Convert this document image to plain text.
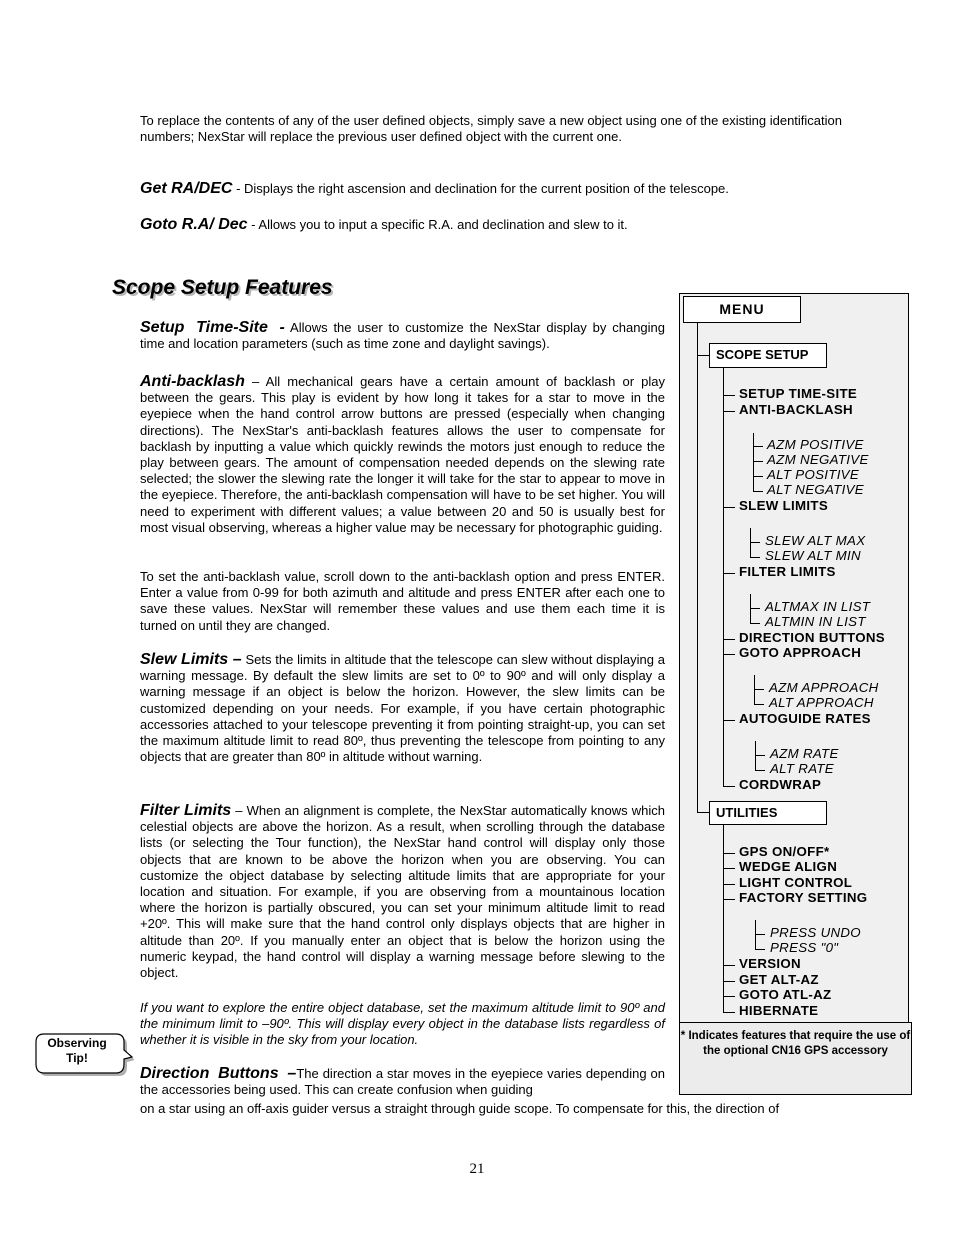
To replace the contents of any of the user defined objects, simply save a new object using one of the existing identification numbers; NexStar will replace the previous user defined object with the current one.

Get RA/DEC - Displays the right ascension and declination for the current position of the telescope.

Goto R.A/ Dec - Allows you to input a specific R.A. and declination and slew to it.

Scope Setup Features

Setup Time-Site - Allows the user to customize the NexStar display by changing time and location parameters (such as time zone and daylight savings).

Anti-backlash – All mechanical gears have a certain amount of backlash or play between the gears. This play is evident by how long it takes for a star to move in the eyepiece when the hand control arrow buttons are pressed (especially when changing directions). The NexStar's anti-backlash features allows the user to compensate for backlash by inputting a value which quickly rewinds the motors just enough to reduce the play between gears. The amount of compensation needed depends on the slewing rate selected; the slower the slewing rate the longer it will take for the star to appear to move in the eyepiece. Therefore, the anti-backlash compensation will have to be set higher. You will need to experiment with different values; a value between 20 and 50 is usually best for most visual observing, whereas a higher value may be necessary for photographic guiding.

To set the anti-backlash value, scroll down to the anti-backlash option and press ENTER. Enter a value from 0-99 for both azimuth and altitude and press ENTER after each one to save these values. NexStar will remember these values and use them each time it is turned on until they are changed.

Slew Limits – Sets the limits in altitude that the telescope can slew without displaying a warning message. By default the slew limits are set to 0º to 90º and will only display a warning message if an object is below the horizon. However, the slew limits can be customized depending on your needs. For example, if you have certain photographic accessories attached to your telescope preventing it from pointing straight-up, you can set the maximum altitude limit to read 80º, thus preventing the telescope from pointing to any objects that are greater than 80º in altitude without warning.

Filter Limits – When an alignment is complete, the NexStar automatically knows which celestial objects are above the horizon. As a result, when scrolling through the database lists (or selecting the Tour function), the NexStar hand control will display only those objects that are known to be above the horizon when you are observing. You can customize the object database by selecting altitude limits that are appropriate for your location and situation. For example, if you are observing from a mountainous location where the horizon is partially obscured, you can set your minimum altitude limit to read +20º. This will make sure that the hand control only displays objects that are higher in altitude than 20º. If you manually enter an object that is below the horizon using the numeric keypad, the hand control will display a warning message before slewing to the object.

If you want to explore the entire object database, set the maximum altitude limit to 90º and the minimum limit to –90º. This will display every object in the database lists regardless of whether it is visible in the sky from your location.

Direction Buttons –The direction a star moves in the eyepiece varies depending on the accessories being used. This can create confusion when guiding

on a star using an off-axis guider versus a straight through guide scope. To compensate for this, the direction of

Observing Tip!
MENU
SCOPE SETUP
SETUP TIME-SITE
ANTI-BACKLASH
AZM POSITIVE
AZM NEGATIVE
ALT POSITIVE
ALT NEGATIVE
SLEW LIMITS
SLEW ALT MAX
SLEW ALT MIN
FILTER LIMITS
ALTMAX IN LIST
ALTMIN IN LIST
DIRECTION BUTTONS
GOTO APPROACH
AZM APPROACH
ALT APPROACH
AUTOGUIDE RATES
AZM RATE
ALT RATE
CORDWRAP
UTILITIES
GPS ON/OFF*
WEDGE ALIGN
LIGHT CONTROL
FACTORY SETTING
PRESS UNDO
PRESS "0"
VERSION
GET ALT-AZ
GOTO ATL-AZ
HIBERNATE
* Indicates features that require the use of the optional CN16 GPS accessory
21
